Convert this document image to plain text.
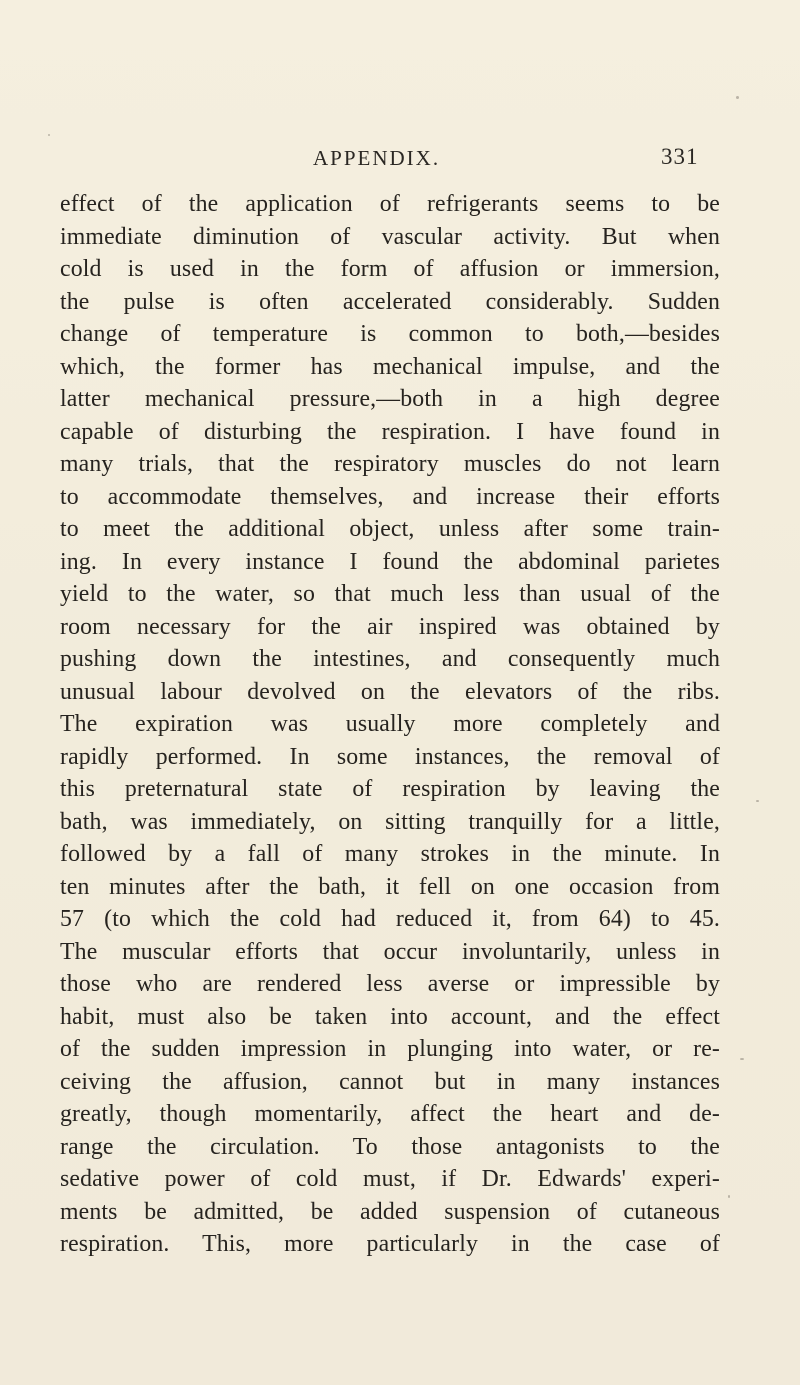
APPENDIX.	331
effect of the application of refrigerants seems to be
immediate diminution of vascular activity. But when
cold is used in the form of affusion or immersion,
the pulse is often accelerated considerably. Sudden
change of temperature is common to both,—besides
which, the former has mechanical impulse, and the
latter mechanical pressure,—both in a high degree
capable of disturbing the respiration. I have found in
many trials, that the respiratory muscles do not learn
to accommodate themselves, and increase their efforts
to meet the additional object, unless after some train-
ing. In every instance I found the abdominal parietes
yield to the water, so that much less than usual of the
room necessary for the air inspired was obtained by
pushing down the intestines, and consequently much
unusual labour devolved on the elevators of the ribs.
The expiration was usually more completely and
rapidly performed. In some instances, the removal of
this preternatural state of respiration by leaving the
bath, was immediately, on sitting tranquilly for a little,
followed by a fall of many strokes in the minute. In
ten minutes after the bath, it fell on one occasion from
57 (to which the cold had reduced it, from 64) to 45.
The muscular efforts that occur involuntarily, unless in
those who are rendered less averse or impressible by
habit, must also be taken into account, and the effect
of the sudden impression in plunging into water, or re-
ceiving the affusion, cannot but in many instances
greatly, though momentarily, affect the heart and de-
range the circulation. To those antagonists to the
sedative power of cold must, if Dr. Edwards' experi-
ments be admitted, be added suspension of cutaneous
respiration. This, more particularly in the case of
